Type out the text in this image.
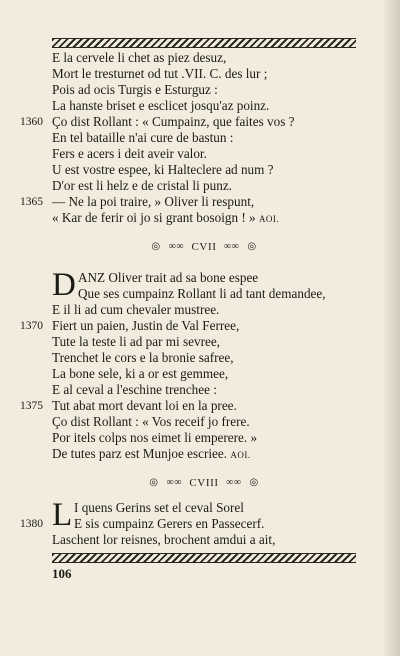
E la cervele li chet as piez desuz,
Mort le tresturnet od tut .VII. C. des lur ;
Pois ad ocis Turgis e Esturguz :
La hanste briset e esclicet josqu'az poinz.
1360 Ço dist Rollant : « Cumpainz, que faites vos ?
En tel bataille n'ai cure de bastun :
Fers e acers i deit aveir valor.
U est vostre espee, ki Halteclere ad num ?
D'or est li helz e de cristal li punz.
1365 — Ne la poi traire, » Oliver li respunt,
« Kar de ferir oi jo si grant bosoign ! » AOI.
◎ ∞∞ CVII ∞∞ ◎
D ANZ Oliver trait ad sa bone espee
Que ses cumpainz Rollant li ad tant demandee,
E il li ad cum chevaler mustree.
1370 Fiert un paien, Justin de Val Ferree,
Tute la teste li ad par mi sevree,
Trenchet le cors e la bronie safree,
La bone sele, ki a or est gemmee,
E al ceval a l'eschine trenchee :
1375 Tut abat mort devant loi en la pree.
Ço dist Rollant : « Vos receif jo frere.
Por itels colps nos eimet li emperere. »
De tutes parz est Munjoe escriee. AOI.
◎ ∞∞ CVIII ∞∞ ◎
L I quens Gerins set el ceval Sorel
1380	E sis cumpainz Gerers en Passecerf.
Laschent lor reisnes, brochent amdui a ait,
106
